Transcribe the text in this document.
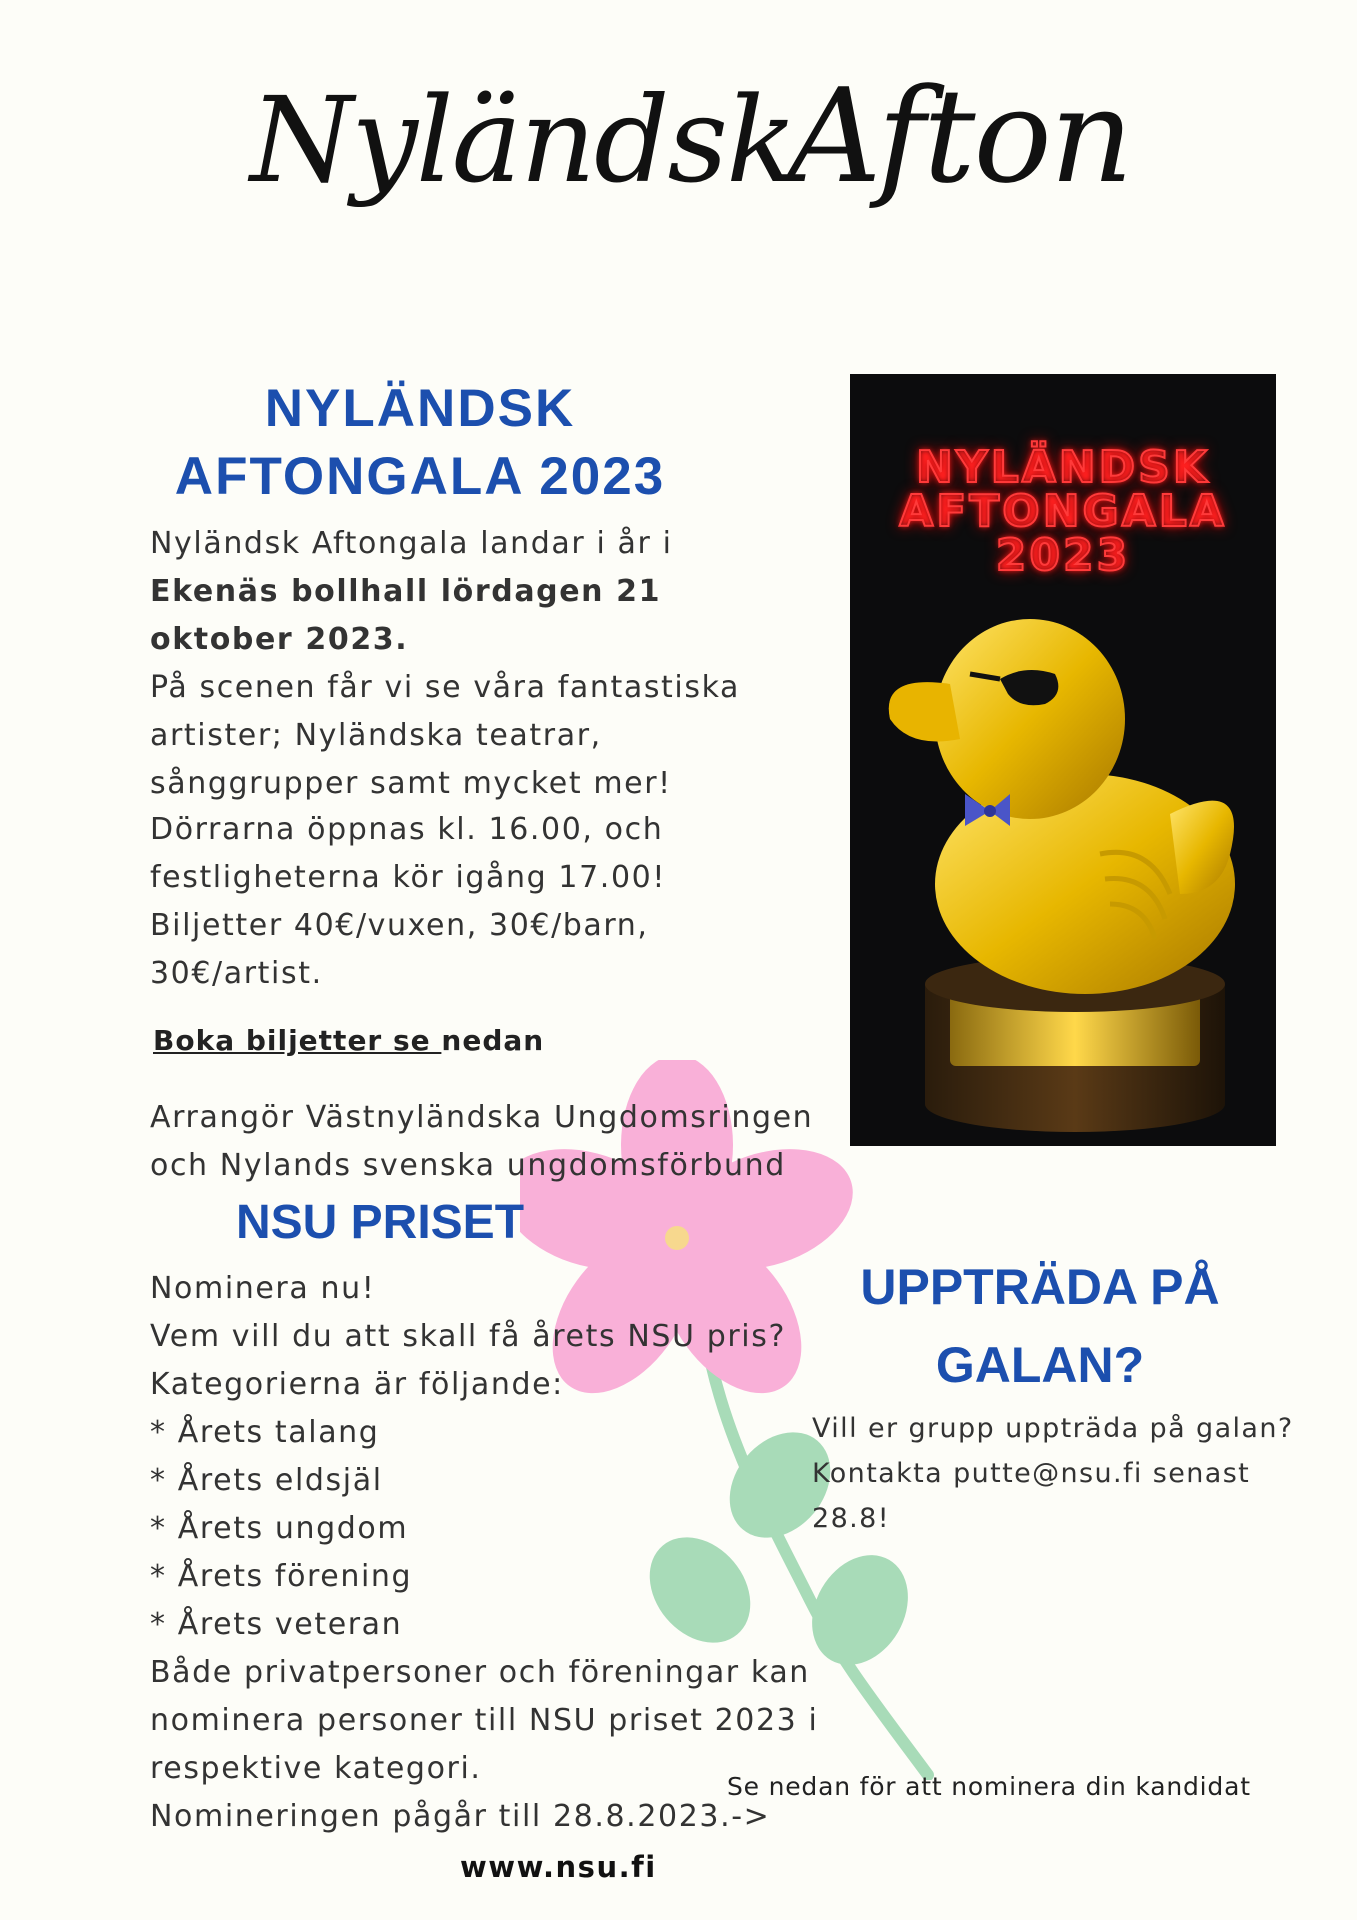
NyländskAfton
NYLÄNDSK
AFTONGALA 2023
Nyländsk Aftongala landar i år i Ekenäs bollhall lördagen 21 oktober 2023.
På scenen får vi se våra fantastiska artister; Nyländska teatrar, sånggrupper samt mycket mer!
Dörrarna öppnas kl. 16.00, och festligheterna kör igång 17.00!
Biljetter 40€/vuxen, 30€/barn, 30€/artist.
Boka biljetter se nedan
Arrangör Västnyländska Ungdomsringen och Nylands svenska ungdomsförbund
NYLÄNDSK
AFTONGALA
2023
NSU PRISET
Nominera nu!
Vem vill du att skall få årets NSU pris?
Kategorierna är följande:
* Årets talang
* Årets eldsjäl
* Årets ungdom
* Årets förening
* Årets veteran
Både privatpersoner och föreningar kan
nominera personer till NSU priset 2023 i
respektive kategori.
Nomineringen pågår till 28.8.2023.->
UPPTRÄDA PÅ
GALAN?
Vill er grupp uppträda på galan? Kontakta putte@nsu.fi senast 28.8!
Se nedan för att nominera din kandidat
www.nsu.fi
